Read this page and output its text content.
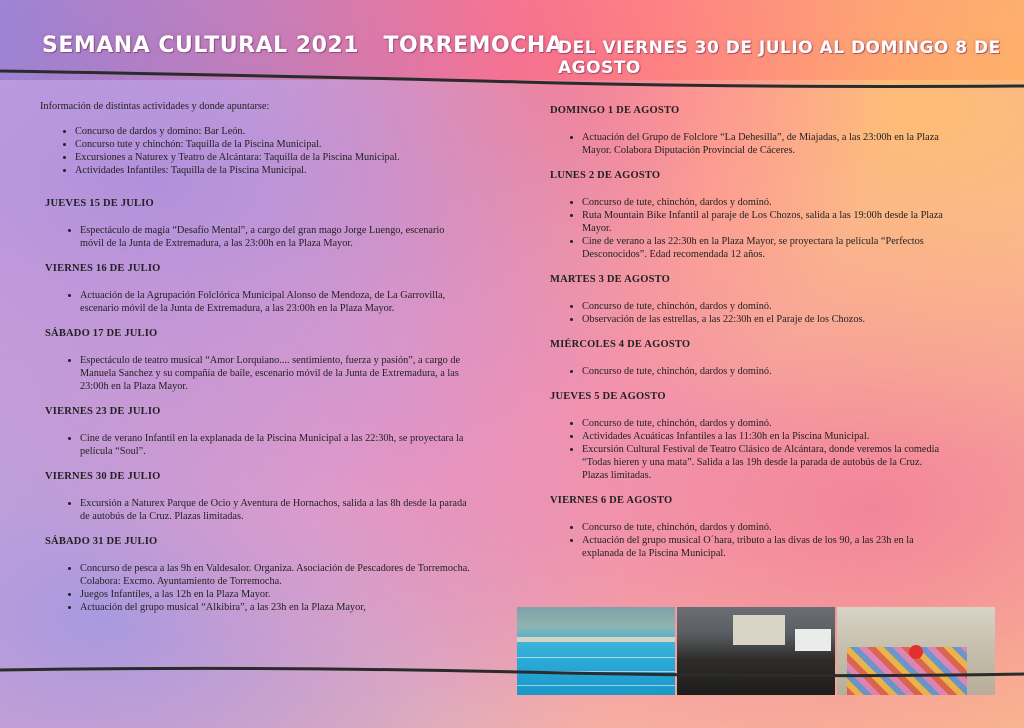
SEMANA CULTURAL 2021   TORREMOCHA
DEL VIERNES 30 DE JULIO AL DOMINGO 8 DE AGOSTO

Información de distintas actividades y donde apuntarse:

• Concurso de dardos y domino: Bar León.
• Concurso tute y chinchón: Taquilla de la Piscina Municipal.
• Excursiones a Naturex y Teatro de Alcántara: Taquilla de la Piscina Municipal.
• Actividades Infantiles: Taquilla de la Piscina Municipal.
JUEVES 15 DE JULIO
• Espectáculo de magia “Desafío Mental”, a cargo del gran mago Jorge Luengo, escenario móvil de la Junta de Extremadura, a las 23:00h en la Plaza Mayor.
VIERNES 16 DE JULIO
• Actuación de la Agrupación Folclórica Municipal Alonso de Mendoza, de La Garrovilla, escenario móvil de la Junta de Extremadura, a las 23:00h en la Plaza Mayor.
SÁBADO 17 DE JULIO
• Espectáculo de teatro musical “Amor Lorquiano.... sentimiento, fuerza y pasión”, a cargo de Manuela Sanchez y su compañía de baile, escenario móvil de la Junta de Extremadura, a las 23:00h en la Plaza Mayor.
VIERNES 23 DE JULIO
• Cine de verano Infantil en la explanada de la Piscina Municipal a las 22:30h, se proyectara la película “Soul”.
VIERNES 30 DE JULIO
• Excursión a Naturex Parque de Ocio y Aventura de Hornachos, salida a las 8h desde la parada de autobús de la Cruz. Plazas limitadas.
SÁBADO 31 DE JULIO
• Concurso de pesca a las 9h en Valdesalor. Organiza. Asociación de Pescadores de Torremocha. Colabora: Excmo. Ayuntamiento de Torremocha.
• Juegos Infantiles, a las 12h en la Plaza Mayor.
• Actuación del grupo musical “Alkibira”, a las 23h en la Plaza Mayor,
DOMINGO 1 DE AGOSTO
• Actuación del Grupo de Folclore “La Dehesilla”, de Miajadas, a las 23:00h en la Plaza Mayor. Colabora Diputación Provincial de Cáceres.
LUNES 2 DE AGOSTO
• Concurso de tute, chinchón, dardos y dominó.
• Ruta Mountain Bike Infantil al paraje de Los Chozos, salida a las 19:00h desde la Plaza Mayor.
• Cine de verano a las 22:30h en la Plaza Mayor, se proyectara la película “Perfectos Desconocidos”. Edad recomendada 12 años.
MARTES 3 DE AGOSTO
• Concurso de tute, chinchón, dardos y dominó.
• Observación de las estrellas, a las 22:30h en el Paraje de los Chozos.
MIÉRCOLES 4 DE AGOSTO
• Concurso de tute, chinchón, dardos y dominó.
JUEVES 5 DE AGOSTO
• Concurso de tute, chinchón, dardos y dominó.
• Actividades Acuáticas Infantiles a las 11:30h en la Piscina Municipal.
• Excursión Cultural Festival de Teatro Clásico de Alcántara, donde veremos la comedia “Todas hieren y una mata”. Salida a las 19h desde la parada de autobús de la Cruz. Plazas limitadas.
VIERNES 6 DE AGOSTO
• Concurso de tute, chinchón, dardos y dominó.
• Actuación del grupo musical O´hara, tributo a las divas de los 90, a las 23h en la explanada de la Piscina Municipal.
